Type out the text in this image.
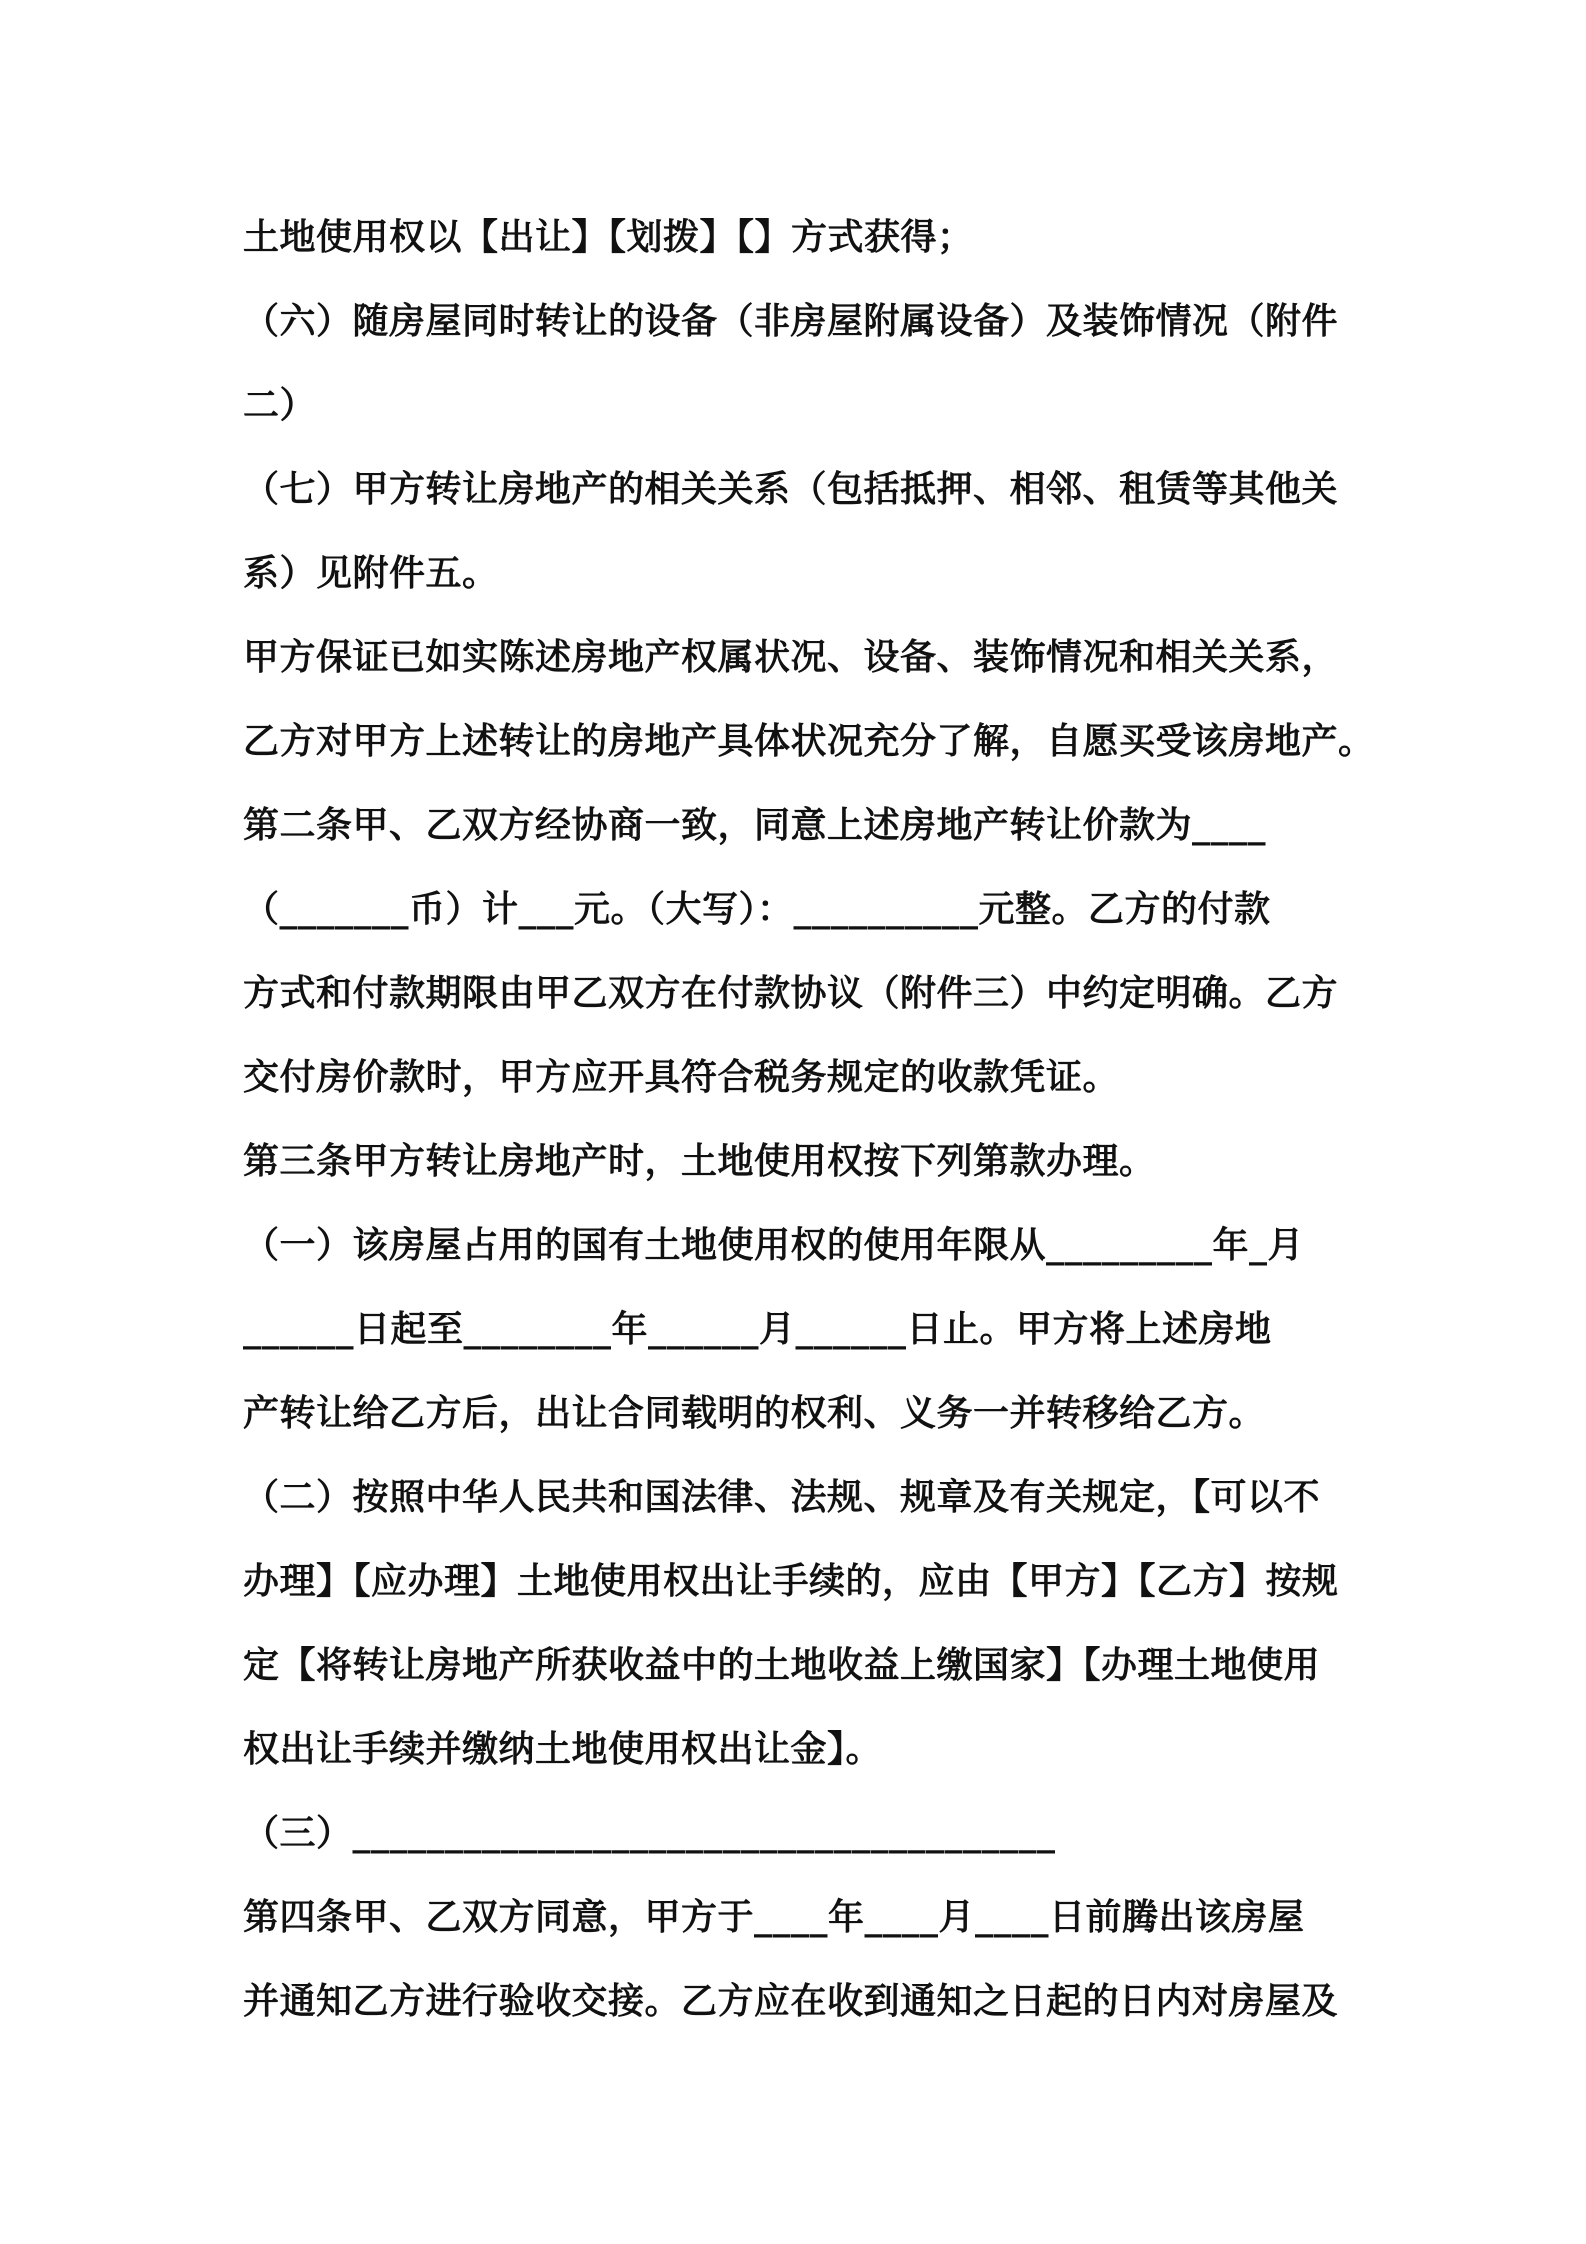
土地使用权以【出让】【划拨】【】方式获得；
（六）随房屋同时转让的设备（非房屋附属设备）及装饰情况（附件
二）
（七）甲方转让房地产的相关关系（包括抵押、相邻、租赁等其他关
系）见附件五。
甲方保证已如实陈述房地产权属状况、设备、装饰情况和相关关系，
乙方对甲方上述转让的房地产具体状况充分了解，自愿买受该房地产。
第二条甲、乙双方经协商一致，同意上述房地产转让价款为____
（_______币）计___元。（大写）：__________元整。乙方的付款
方式和付款期限由甲乙双方在付款协议（附件三）中约定明确。乙方
交付房价款时，甲方应开具符合税务规定的收款凭证。
第三条甲方转让房地产时，土地使用权按下列第款办理。
（一）该房屋占用的国有土地使用权的使用年限从_________年_月
______日起至________年______月______日止。甲方将上述房地
产转让给乙方后，出让合同载明的权利、义务一并转移给乙方。
（二）按照中华人民共和国法律、法规、规章及有关规定，【可以不
办理】【应办理】土地使用权出让手续的，应由【甲方】【乙方】按规
定【将转让房地产所获收益中的土地收益上缴国家】【办理土地使用
权出让手续并缴纳土地使用权出让金】。
（三）______________________________________
第四条甲、乙双方同意，甲方于____年____月____日前腾出该房屋
并通知乙方进行验收交接。乙方应在收到通知之日起的日内对房屋及
